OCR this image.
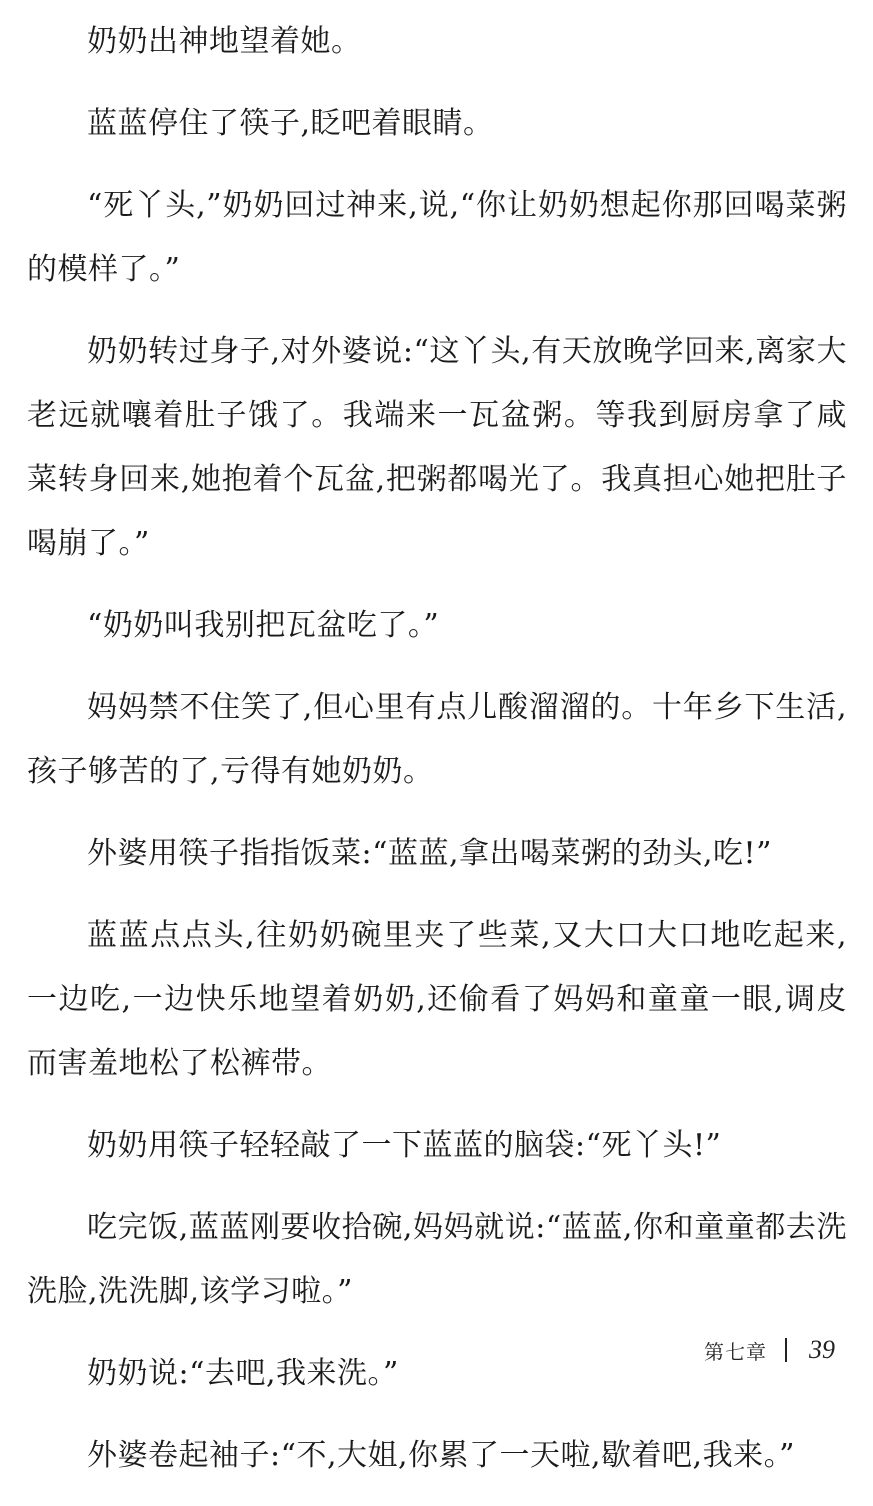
奶奶出神地望着她。

蓝蓝停住了筷子,眨吧着眼睛。

“死丫头,”奶奶回过神来,说,“你让奶奶想起你那回喝菜粥的模样了。”

奶奶转过身子,对外婆说:“这丫头,有天放晚学回来,离家大老远就嚷着肚子饿了。我端来一瓦盆粥。等我到厨房拿了咸菜转身回来,她抱着个瓦盆,把粥都喝光了。我真担心她把肚子喝崩了。”

“奶奶叫我别把瓦盆吃了。”

妈妈禁不住笑了,但心里有点儿酸溜溜的。十年乡下生活,孩子够苦的了,亏得有她奶奶。

外婆用筷子指指饭菜:“蓝蓝,拿出喝菜粥的劲头,吃!”

蓝蓝点点头,往奶奶碗里夹了些菜,又大口大口地吃起来,一边吃,一边快乐地望着奶奶,还偷看了妈妈和童童一眼,调皮而害羞地松了松裤带。

奶奶用筷子轻轻敲了一下蓝蓝的脑袋:“死丫头!”

吃完饭,蓝蓝刚要收拾碗,妈妈就说:“蓝蓝,你和童童都去洗洗脸,洗洗脚,该学习啦。”

奶奶说:“去吧,我来洗。”

外婆卷起袖子:“不,大姐,你累了一天啦,歇着吧,我来。”

第七章 39
